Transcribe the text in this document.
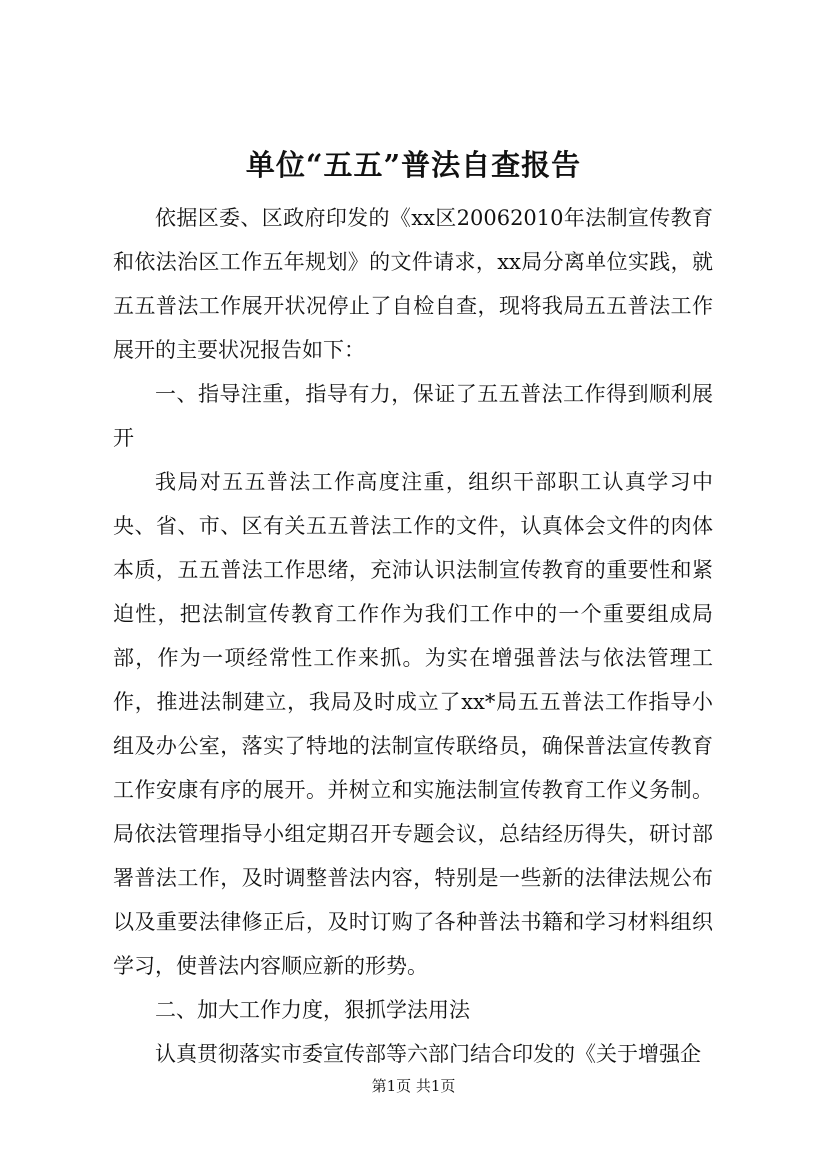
单位“五五”普法自查报告

依据区委、区政府印发的《xx区20062010年法制宣传教育和依法治区工作五年规划》的文件请求，xx局分离单位实践，就五五普法工作展开状况停止了自检自查，现将我局五五普法工作展开的主要状况报告如下：

一、指导注重，指导有力，保证了五五普法工作得到顺利展开

我局对五五普法工作高度注重，组织干部职工认真学习中央、省、市、区有关五五普法工作的文件，认真体会文件的肉体本质，五五普法工作思绪，充沛认识法制宣传教育的重要性和紧迫性，把法制宣传教育工作作为我们工作中的一个重要组成局部，作为一项经常性工作来抓。为实在增强普法与依法管理工作，推进法制建立，我局及时成立了xx*局五五普法工作指导小组及办公室，落实了特地的法制宣传联络员，确保普法宣传教育工作安康有序的展开。并树立和实施法制宣传教育工作义务制。局依法管理指导小组定期召开专题会议，总结经历得失，研讨部署普法工作，及时调整普法内容，特别是一些新的法律法规公布以及重要法律修正后，及时订购了各种普法书籍和学习材料组织学习，使普法内容顺应新的形势。

二、加大工作力度，狠抓学法用法

认真贯彻落实市委宣传部等六部门结合印发的《关于增强企

第1页 共1页
